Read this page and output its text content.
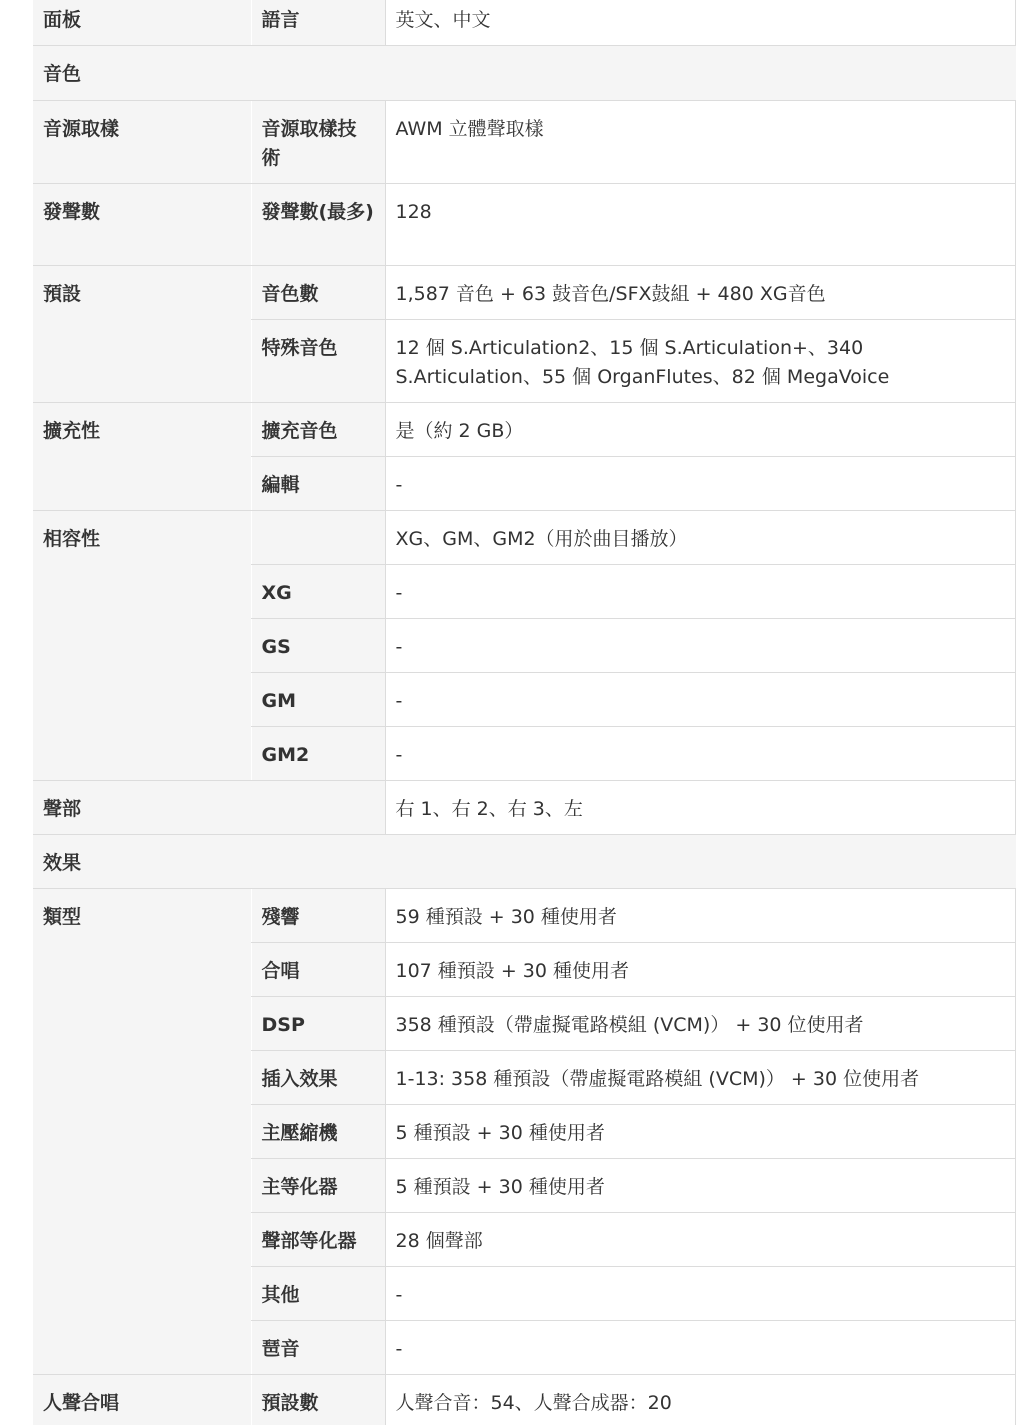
面板	語言	英文、中文
音色		
音源取樣	音源取樣技術	AWM 立體聲取樣
發聲數	發聲數(最多)	128
預設	音色數	1,587 音色 + 63 鼓音色/SFX鼓組 + 480 XG音色
	特殊音色	12 個 S.Articulation2、15 個 S.Articulation+、340 S.Articulation、55 個 OrganFlutes、82 個 MegaVoice
擴充性	擴充音色	是（約 2 GB）
	編輯	-
相容性		XG、GM、GM2（用於曲目播放）
	XG	-
	GS	-
	GM	-
	GM2	-
聲部		右 1、右 2、右 3、左
效果		
類型	殘響	59 種預設 + 30 種使用者
	合唱	107 種預設 + 30 種使用者
	DSP	358 種預設（帶虛擬電路模組 (VCM)） + 30 位使用者
	插入效果	1-13: 358 種預設（帶虛擬電路模組 (VCM)） + 30 位使用者
	主壓縮機	5 種預設 + 30 種使用者
	主等化器	5 種預設 + 30 種使用者
	聲部等化器	28 個聲部
	其他	-
	琶音	-
人聲合唱	預設數	人聲合音：54、人聲合成器：20
